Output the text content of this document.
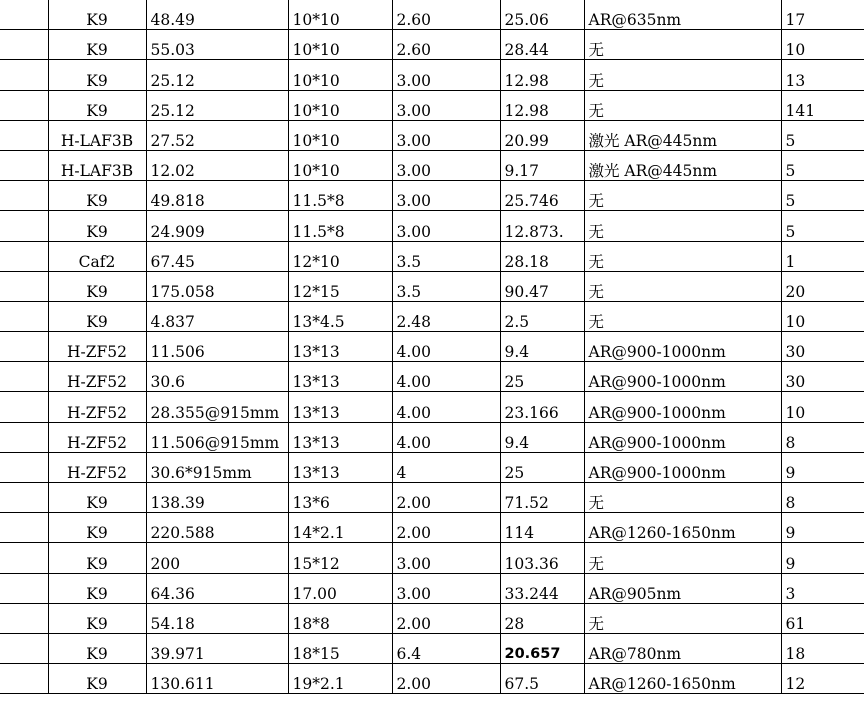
	K9	48.49	10*10	2.60	25.06	AR@635nm	17
	K9	55.03	10*10	2.60	28.44	无	10
	K9	25.12	10*10	3.00	12.98	无	13
	K9	25.12	10*10	3.00	12.98	无	141
	H-LAF3B	27.52	10*10	3.00	20.99	激光 AR@445nm	5
	H-LAF3B	12.02	10*10	3.00	9.17	激光 AR@445nm	5
	K9	49.818	11.5*8	3.00	25.746	无	5
	K9	24.909	11.5*8	3.00	12.873.	无	5
	Caf2	67.45	12*10	3.5	28.18	无	1
	K9	175.058	12*15	3.5	90.47	无	20
	K9	4.837	13*4.5	2.48	2.5	无	10
	H-ZF52	11.506	13*13	4.00	9.4	AR@900-1000nm	30
	H-ZF52	30.6	13*13	4.00	25	AR@900-1000nm	30
	H-ZF52	28.355@915mm	13*13	4.00	23.166	AR@900-1000nm	10
	H-ZF52	11.506@915mm	13*13	4.00	9.4	AR@900-1000nm	8
	H-ZF52	30.6*915mm	13*13	4	25	AR@900-1000nm	9
	K9	138.39	13*6	2.00	71.52	无	8
	K9	220.588	14*2.1	2.00	114	AR@1260-1650nm	9
	K9	200	15*12	3.00	103.36	无	9
	K9	64.36	17.00	3.00	33.244	AR@905nm	3
	K9	54.18	18*8	2.00	28	无	61
	K9	39.971	18*15	6.4	20.657	AR@780nm	18
	K9	130.611	19*2.1	2.00	67.5	AR@1260-1650nm	12
